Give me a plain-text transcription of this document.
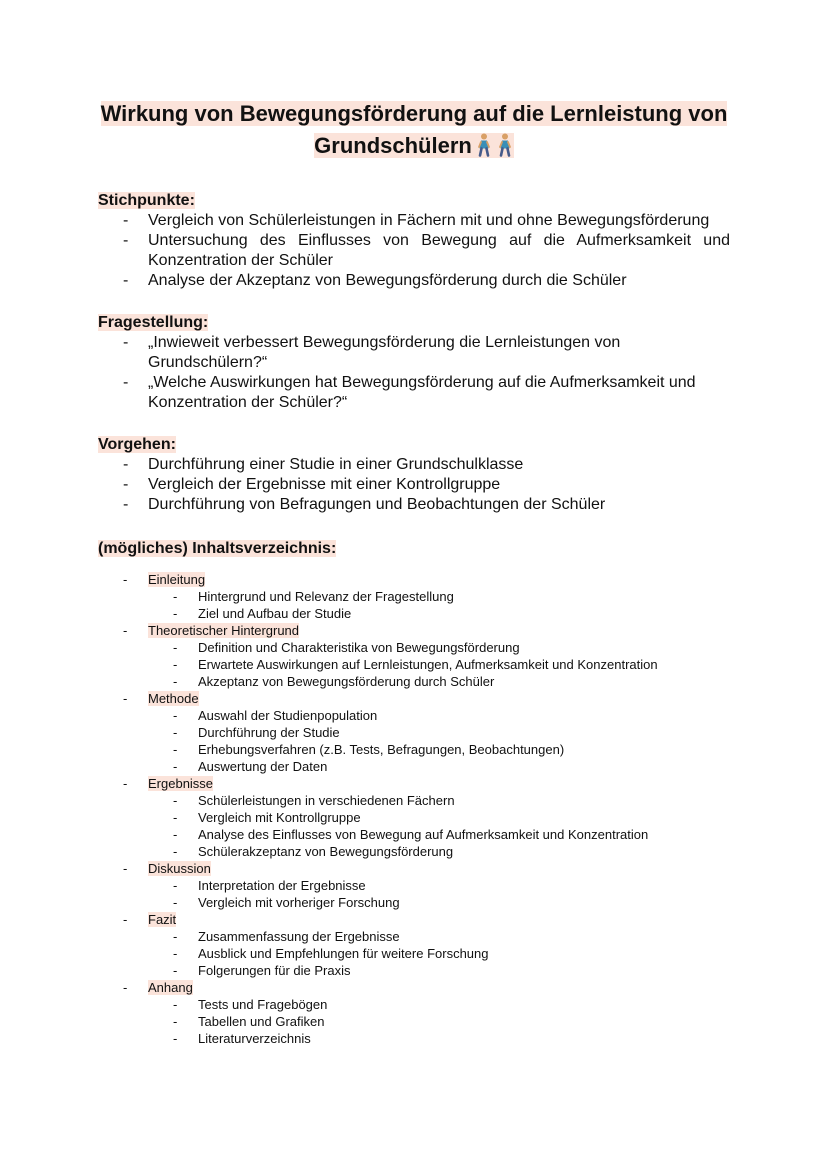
Wirkung von Bewegungsförderung auf die Lernleistung von
Grundschülern

Stichpunkte:

- Vergleich von Schülerleistungen in Fächern mit und ohne Bewegungsförderung
- Untersuchung des Einflusses von Bewegung auf die Aufmerksamkeit und Konzentration der Schüler
- Analyse der Akzeptanz von Bewegungsförderung durch die Schüler

Fragestellung:

- „Inwieweit verbessert Bewegungsförderung die Lernleistungen von Grundschülern?“
- „Welche Auswirkungen hat Bewegungsförderung auf die Aufmerksamkeit und Konzentration der Schüler?“

Vorgehen:

- Durchführung einer Studie in einer Grundschulklasse
- Vergleich der Ergebnisse mit einer Kontrollgruppe
- Durchführung von Befragungen und Beobachtungen der Schüler

(mögliches) Inhaltsverzeichnis:

- Einleitung
- Hintergrund und Relevanz der Fragestellung
- Ziel und Aufbau der Studie
- Theoretischer Hintergrund
- Definition und Charakteristika von Bewegungsförderung
- Erwartete Auswirkungen auf Lernleistungen, Aufmerksamkeit und Konzentration
- Akzeptanz von Bewegungsförderung durch Schüler
- Methode
- Auswahl der Studienpopulation
- Durchführung der Studie
- Erhebungsverfahren (z.B. Tests, Befragungen, Beobachtungen)
- Auswertung der Daten
- Ergebnisse
- Schülerleistungen in verschiedenen Fächern
- Vergleich mit Kontrollgruppe
- Analyse des Einflusses von Bewegung auf Aufmerksamkeit und Konzentration
- Schülerakzeptanz von Bewegungsförderung
- Diskussion
- Interpretation der Ergebnisse
- Vergleich mit vorheriger Forschung
- Fazit
- Zusammenfassung der Ergebnisse
- Ausblick und Empfehlungen für weitere Forschung
- Folgerungen für die Praxis
- Anhang
- Tests und Fragebögen
- Tabellen und Grafiken
- Literaturverzeichnis
